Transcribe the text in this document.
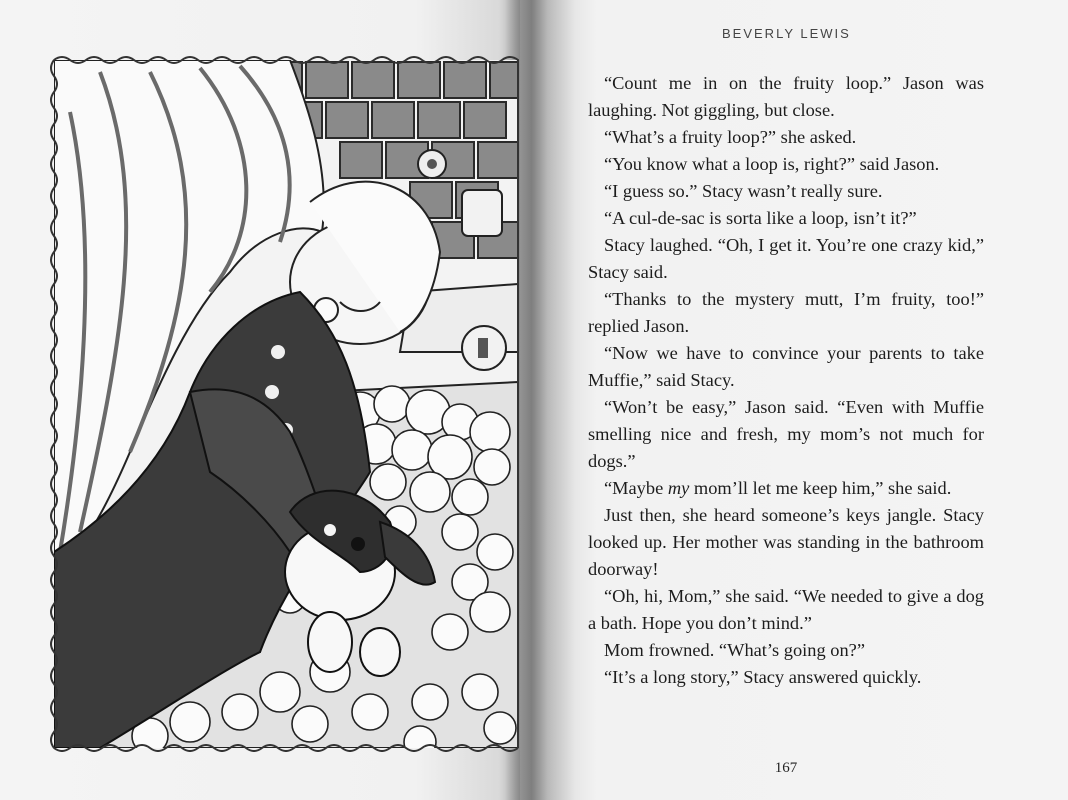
BEVERLY LEWIS

“Count me in on the fruity loop.” Jason was laughing. Not giggling, but close.

“What’s a fruity loop?” she asked.

“You know what a loop is, right?” said Jason.

“I guess so.” Stacy wasn’t really sure.

“A cul-de-sac is sorta like a loop, isn’t it?”

Stacy laughed. “Oh, I get it. You’re one crazy kid,” Stacy said.

“Thanks to the mystery mutt, I’m fruity, too!” replied Jason.

“Now we have to convince your parents to take Muffie,” said Stacy.

“Won’t be easy,” Jason said. “Even with Muffie smelling nice and fresh, my mom’s not much for dogs.”

“Maybe my mom’ll let me keep him,” she said.

Just then, she heard someone’s keys jangle. Stacy looked up. Her mother was standing in the bathroom doorway!

“Oh, hi, Mom,” she said. “We needed to give a dog a bath. Hope you don’t mind.”

Mom frowned. “What’s going on?”

“It’s a long story,” Stacy answered quickly.

167
